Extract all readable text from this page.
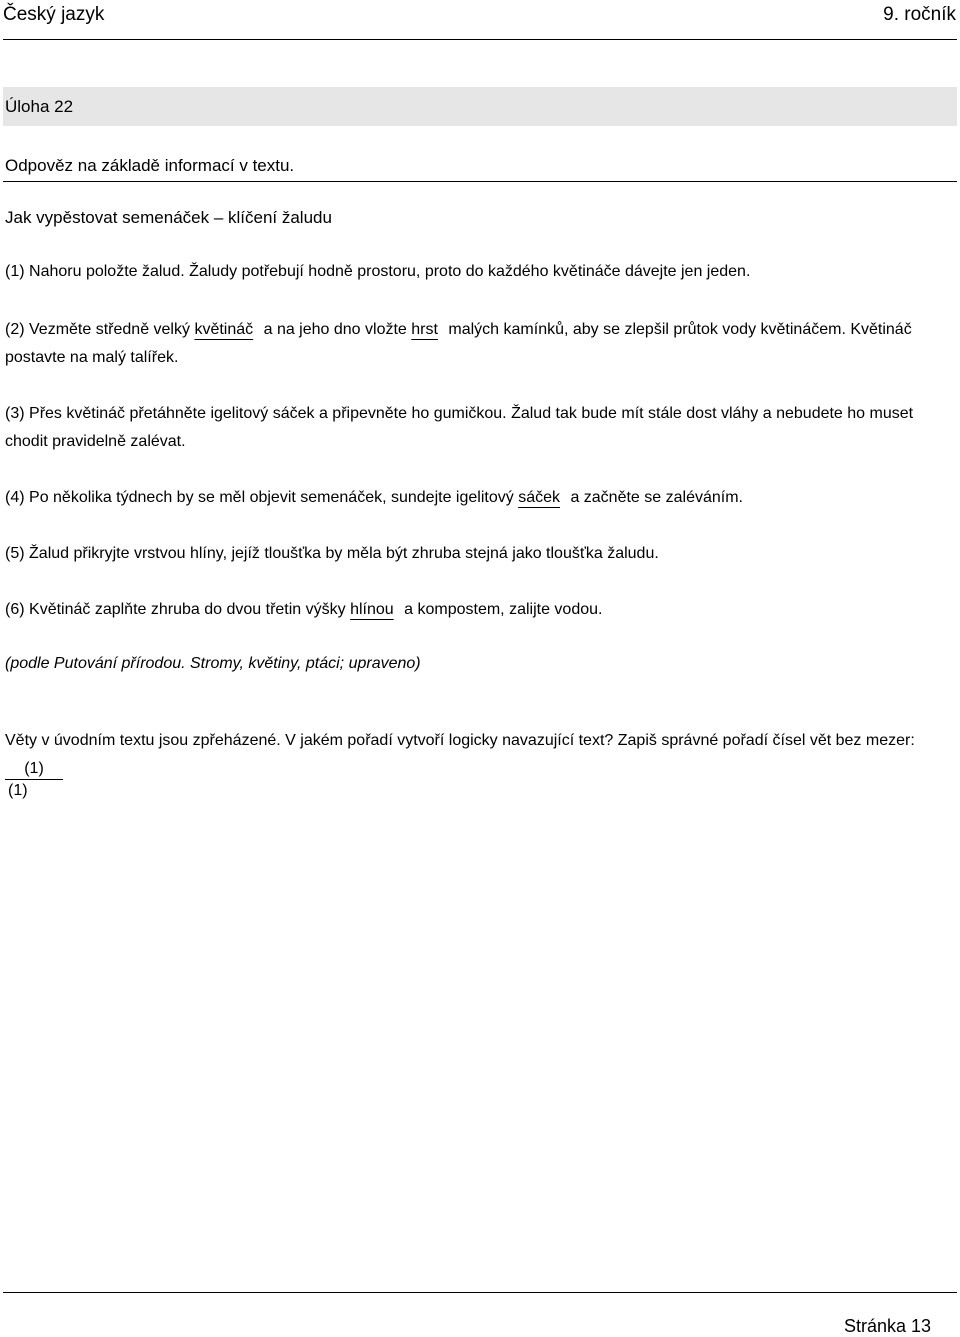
Český jazyk	9. ročník
Úloha 22
Odpověz na základě informací v textu.
Jak vypěstovat semenáček – klíčení žaludu
(1) Nahoru položte žalud. Žaludy potřebují hodně prostoru, proto do každého květináče dávejte jen jeden.
(2) Vezměte středně velký květináč a na jeho dno vložte hrst malých kamínků, aby se zlepšil průtok vody květináčem. Květináč postavte na malý talířek.
(3) Přes květináč přetáhněte igelitový sáček a připevněte ho gumičkou. Žalud tak bude mít stále dost vláhy a nebudete ho muset chodit pravidelně zalévat.
(4) Po několika týdnech by se měl objevit semenáček, sundejte igelitový sáček a začněte se zaléváním.
(5) Žalud přikryjte vrstvou hlíny, jejíž tloušťka by měla být zhruba stejná jako tloušťka žaludu.
(6) Květináč zaplňte zhruba do dvou třetin výšky hlínou a kompostem, zalijte vodou.
(podle Putování přírodou. Stromy, květiny, ptáci; upraveno)
Věty v úvodním textu jsou zpřeházené. V jakém pořadí vytvoří logicky navazující text? Zapiš správné pořadí čísel vět bez mezer: (1)
(1)
Stránka 13
